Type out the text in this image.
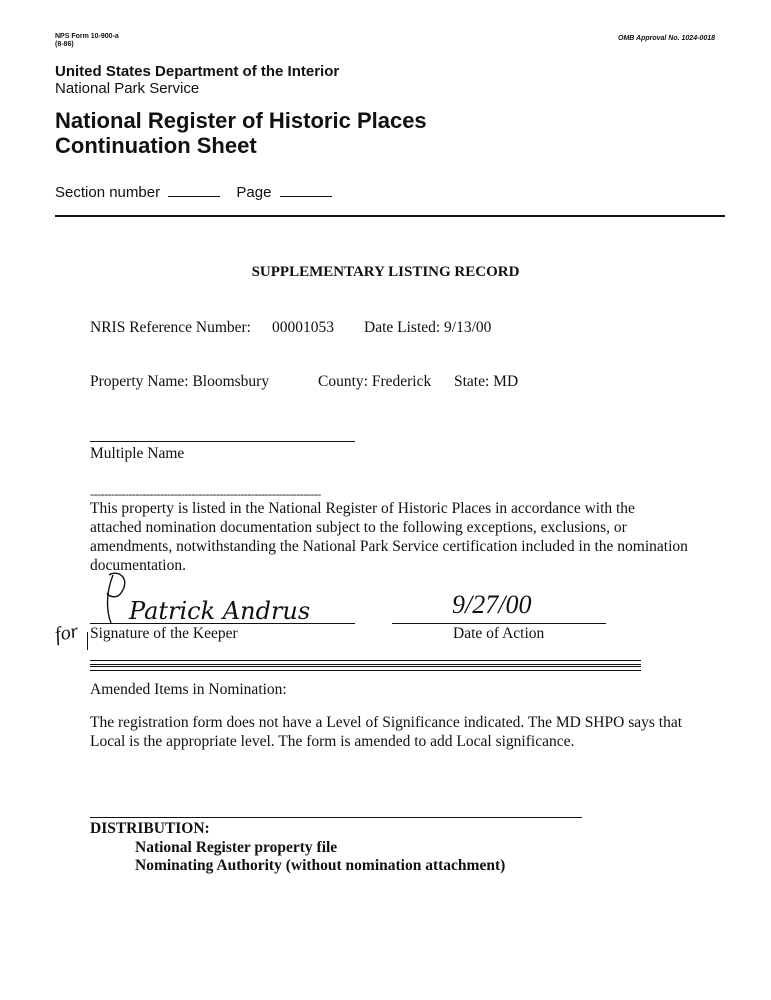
NPS Form 10-900-a
(8-86)
OMB Approval No. 1024-0018
United States Department of the Interior
National Park Service
National Register of Historic Places
Continuation Sheet
Section number	Page
SUPPLEMENTARY LISTING RECORD
NRIS Reference Number: 00001053 Date Listed: 9/13/00
Property Name: Bloomsbury	County: Frederick State: MD
Multiple Name
------------------------------------------------------------------
This property is listed in the National Register of Historic Places in accordance with the attached nomination documentation subject to the following exceptions, exclusions, or amendments, notwithstanding the National Park Service certification included in the nomination documentation.
Patrick Andrus
for Signature of the Keeper
9/27/00
Date of Action
Amended Items in Nomination:
The registration form does not have a Level of Significance indicated. The MD SHPO says that Local is the appropriate level. The form is amended to add Local significance.
DISTRIBUTION:
National Register property file
Nominating Authority (without nomination attachment)
